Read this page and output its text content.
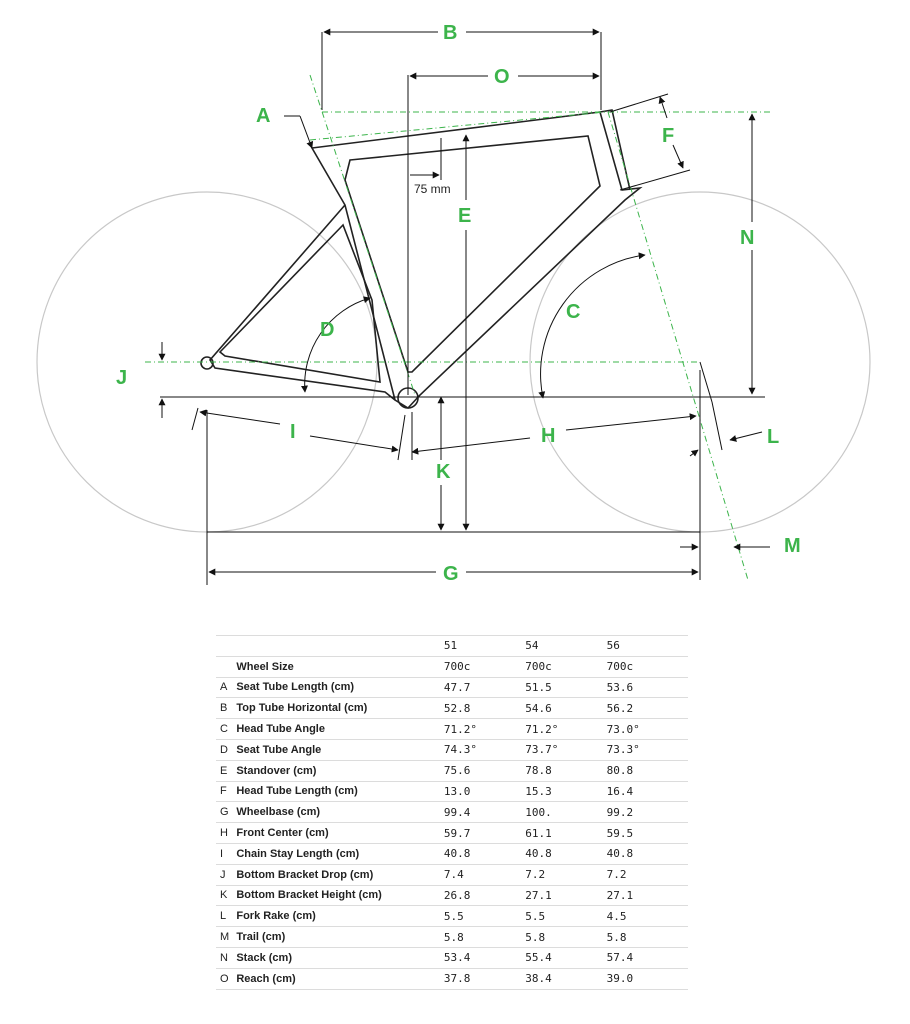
A
B
O
F
E
N
C
D
J
I	H	L
K
M
G
75 mm
		51	54	56
	Wheel Size	700c	700c	700c
A	Seat Tube Length (cm)	47.7	51.5	53.6
B	Top Tube Horizontal (cm)	52.8	54.6	56.2
C	Head Tube Angle	71.2°	71.2°	73.0°
D	Seat Tube Angle	74.3°	73.7°	73.3°
E	Standover (cm)	75.6	78.8	80.8
F	Head Tube Length (cm)	13.0	15.3	16.4
G	Wheelbase (cm)	99.4	100.	99.2
H	Front Center (cm)	59.7	61.1	59.5
I	Chain Stay Length (cm)	40.8	40.8	40.8
J	Bottom Bracket Drop (cm)	7.4	7.2	7.2
K	Bottom Bracket Height (cm)	26.8	27.1	27.1
L	Fork Rake (cm)	5.5	5.5	4.5
M	Trail (cm)	5.8	5.8	5.8
N	Stack (cm)	53.4	55.4	57.4
O	Reach (cm)	37.8	38.4	39.0
